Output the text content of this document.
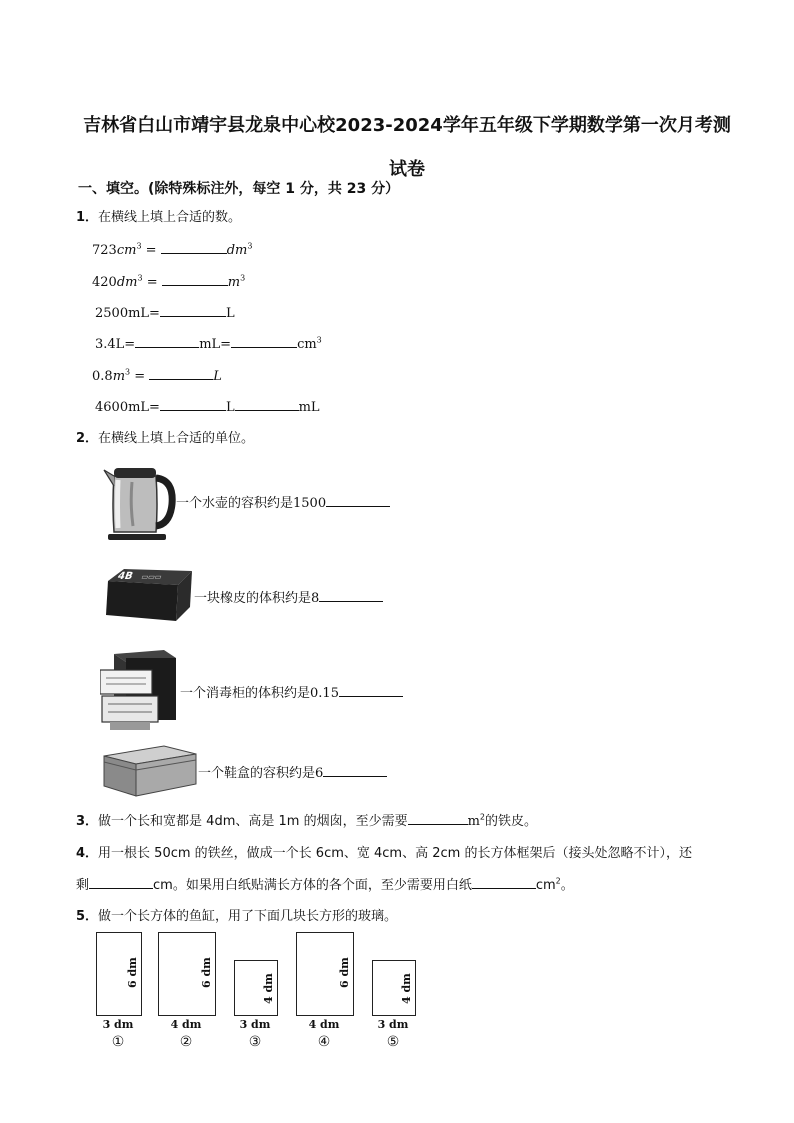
吉林省白山市靖宇县龙泉中心校2023-2024学年五年级下学期数学第一次月考测
试卷
一、填空。(除特殊标注外，每空 1 分，共 23 分）
1．在横线上填上合适的数。
$723cm^3$ =	$dm^3$
$420dm^3$ =	$m^3$
2500mL=	L
3.4L=	mL=	$cm^3$
$0.8m^3$ =	L
4600mL=	L	mL
2．在横线上填上合适的单位。
一个水壶的容积约是1500
4B ▭▭▭
一块橡皮的体积约是8
一个消毒柜的体积约是0.15
一个鞋盒的容积约是6
3．做一个长和宽都是 4dm、高是 1m 的烟囱，至少需要	$m^2$的铁皮。
4．用一根长 50cm 的铁丝，做成一个长 6cm、宽 4cm、高 2cm 的长方体框架后（接头处忽略不计），还
剩	cm。如果用白纸贴满长方体的各个面，至少需要用白纸	$cm^2$。
5．做一个长方体的鱼缸，用了下面几块长方形的玻璃。
6 dm
3 dm
①
6 dm
4 dm
②
4 dm
3 dm
③
6 dm
4 dm
④
4 dm
3 dm
⑤
